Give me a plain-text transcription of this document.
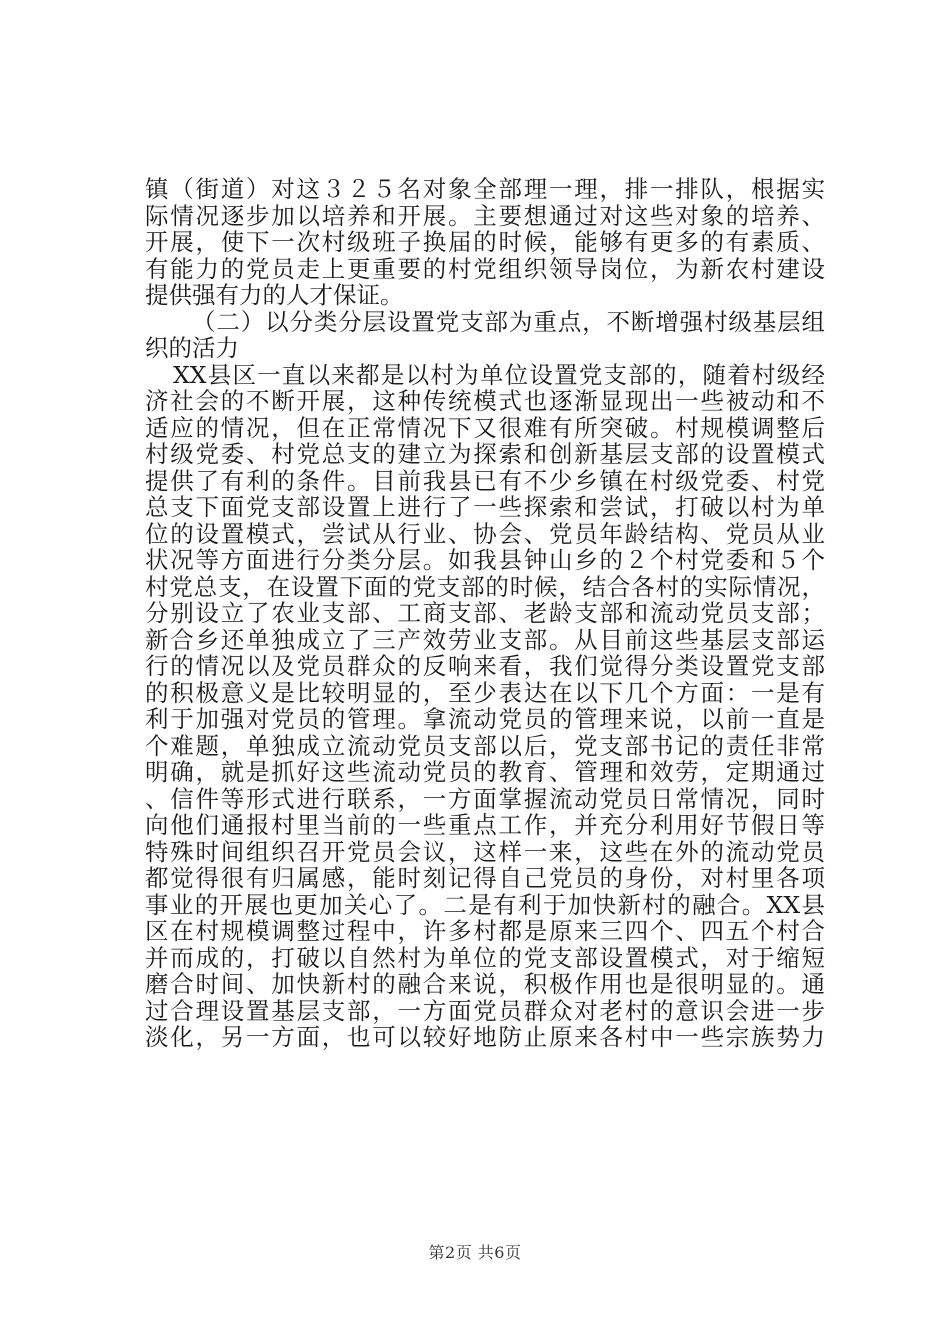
镇（街道）对这３２５名对象全部理一理，排一排队，根据实
际情况逐步加以培养和开展。主要想通过对这些对象的培养、
开展，使下一次村级班子换届的时候，能够有更多的有素质、
有能力的党员走上更重要的村党组织领导岗位，为新农村建设
提供强有力的人才保证。
（二）以分类分层设置党支部为重点，不断增强村级基层组
织的活力
XX县区一直以来都是以村为单位设置党支部的，随着村级经
济社会的不断开展，这种传统模式也逐渐显现出一些被动和不
适应的情况，但在正常情况下又很难有所突破。村规模调整后
村级党委、村党总支的建立为探索和创新基层支部的设置模式
提供了有利的条件。目前我县已有不少乡镇在村级党委、村党
总支下面党支部设置上进行了一些探索和尝试，打破以村为单
位的设置模式，尝试从行业、协会、党员年龄结构、党员从业
状况等方面进行分类分层。如我县钟山乡的２个村党委和５个
村党总支，在设置下面的党支部的时候，结合各村的实际情况，
分别设立了农业支部、工商支部、老龄支部和流动党员支部；
新合乡还单独成立了三产效劳业支部。从目前这些基层支部运
行的情况以及党员群众的反响来看，我们觉得分类设置党支部
的积极意义是比较明显的，至少表达在以下几个方面：一是有
利于加强对党员的管理。拿流动党员的管理来说，以前一直是
个难题，单独成立流动党员支部以后，党支部书记的责任非常
明确，就是抓好这些流动党员的教育、管理和效劳，定期通过
、信件等形式进行联系，一方面掌握流动党员日常情况，同时
向他们通报村里当前的一些重点工作，并充分利用好节假日等
特殊时间组织召开党员会议，这样一来，这些在外的流动党员
都觉得很有归属感，能时刻记得自己党员的身份，对村里各项
事业的开展也更加关心了。二是有利于加快新村的融合。XX县
区在村规模调整过程中，许多村都是原来三四个、四五个村合
并而成的，打破以自然村为单位的党支部设置模式，对于缩短
磨合时间、加快新村的融合来说，积极作用也是很明显的。通
过合理设置基层支部，一方面党员群众对老村的意识会进一步
淡化，另一方面，也可以较好地防止原来各村中一些宗族势力
第2页 共6页
